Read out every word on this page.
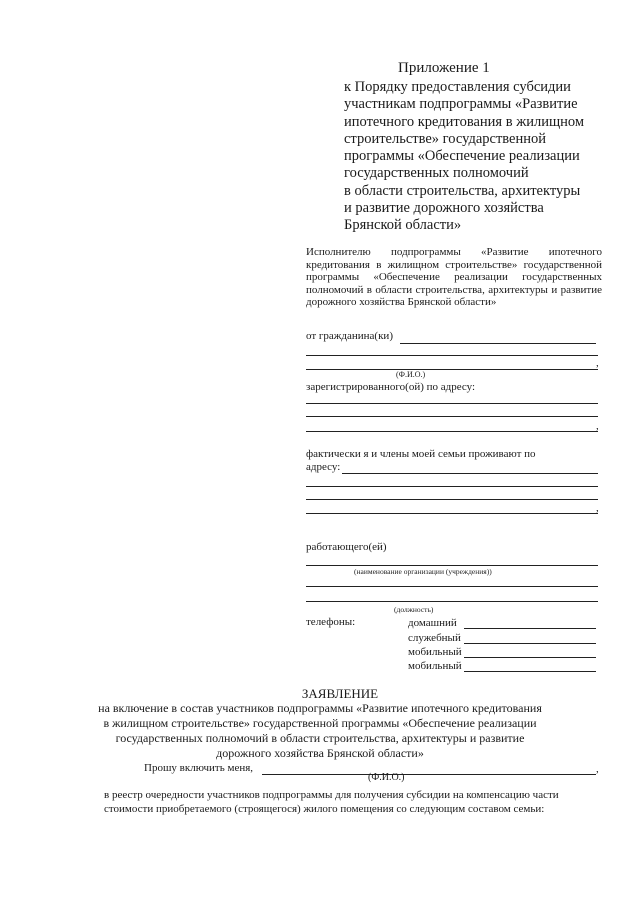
Приложение 1
к Порядку предоставления субсидии
участникам подпрограммы «Развитие
ипотечного кредитования в жилищном
строительстве» государственной
программы «Обеспечение реализации
государственных полномочий
в области строительства, архитектуры
и развитие дорожного хозяйства
Брянской области»
Исполнителю подпрограммы «Развитие ипотечного кредитования в жилищном строительстве» государственной программы «Обеспечение реализации государственных полномочий в области строительства, архитектуры и развитие дорожного хозяйства Брянской области»
от гражданина(ки)
,
(Ф.И.О.)
зарегистрированного(ой) по адресу:
,
фактически я и члены моей семьи проживают по
адресу:
,
работающего(ей)
(наименование организации (учреждения))
(должность)
телефоны:	домашний
служебный
мобильный
мобильный
ЗАЯВЛЕНИЕ
на включение в состав участников подпрограммы «Развитие ипотечного кредитования
в жилищном строительстве» государственной программы «Обеспечение реализации
государственных полномочий в области строительства, архитектуры и развитие
дорожного хозяйства Брянской области»
Прошу включить меня,	,
(Ф.И.О.)
в реестр очередности участников подпрограммы для получения субсидии на компенсацию части
стоимости приобретаемого (строящегося) жилого помещения со следующим составом семьи:
